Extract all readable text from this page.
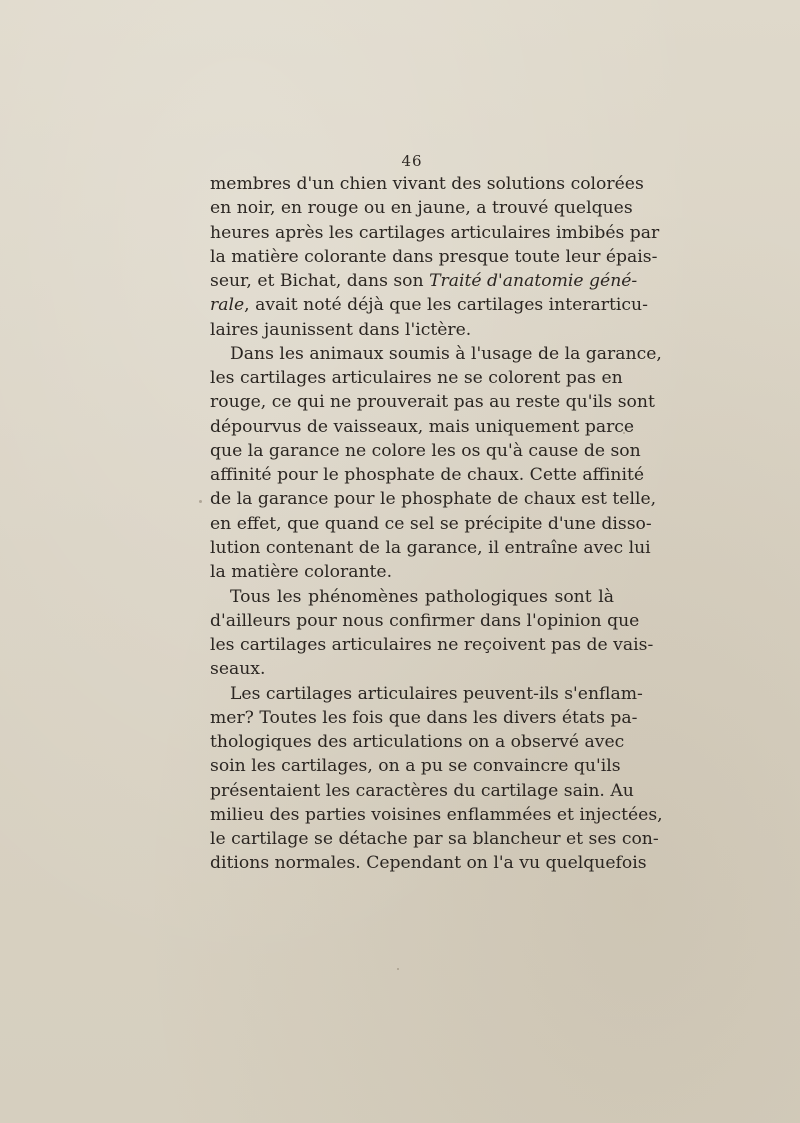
46
membres d'un chien vivant des solutions colorées
en noir, en rouge ou en jaune, a trouvé quelques
heures après les cartilages articulaires imbibés par
la matière colorante dans presque toute leur épais-
seur, et Bichat, dans son Traité d'anatomie géné-
rale, avait noté déjà que les cartilages interarticu-
laires jaunissent dans l'ictère.
Dans les animaux soumis à l'usage de la garance,
les cartilages articulaires ne se colorent pas en
rouge, ce qui ne prouverait pas au reste qu'ils sont
dépourvus de vaisseaux, mais uniquement parce
que la garance ne colore les os qu'à cause de son
affinité pour le phosphate de chaux. Cette affinité
de la garance pour le phosphate de chaux est telle,
en effet, que quand ce sel se précipite d'une disso-
lution contenant de la garance, il entraîne avec lui
la matière colorante.
Tous les phénomènes pathologiques sont là
d'ailleurs pour nous confirmer dans l'opinion que
les cartilages articulaires ne reçoivent pas de vais-
seaux.
Les cartilages articulaires peuvent-ils s'enflam-
mer? Toutes les fois que dans les divers états pa-
thologiques des articulations on a observé avec
soin les cartilages, on a pu se convaincre qu'ils
présentaient les caractères du cartilage sain. Au
milieu des parties voisines enflammées et injectées,
le cartilage se détache par sa blancheur et ses con-
ditions normales. Cependant on l'a vu quelquefois
